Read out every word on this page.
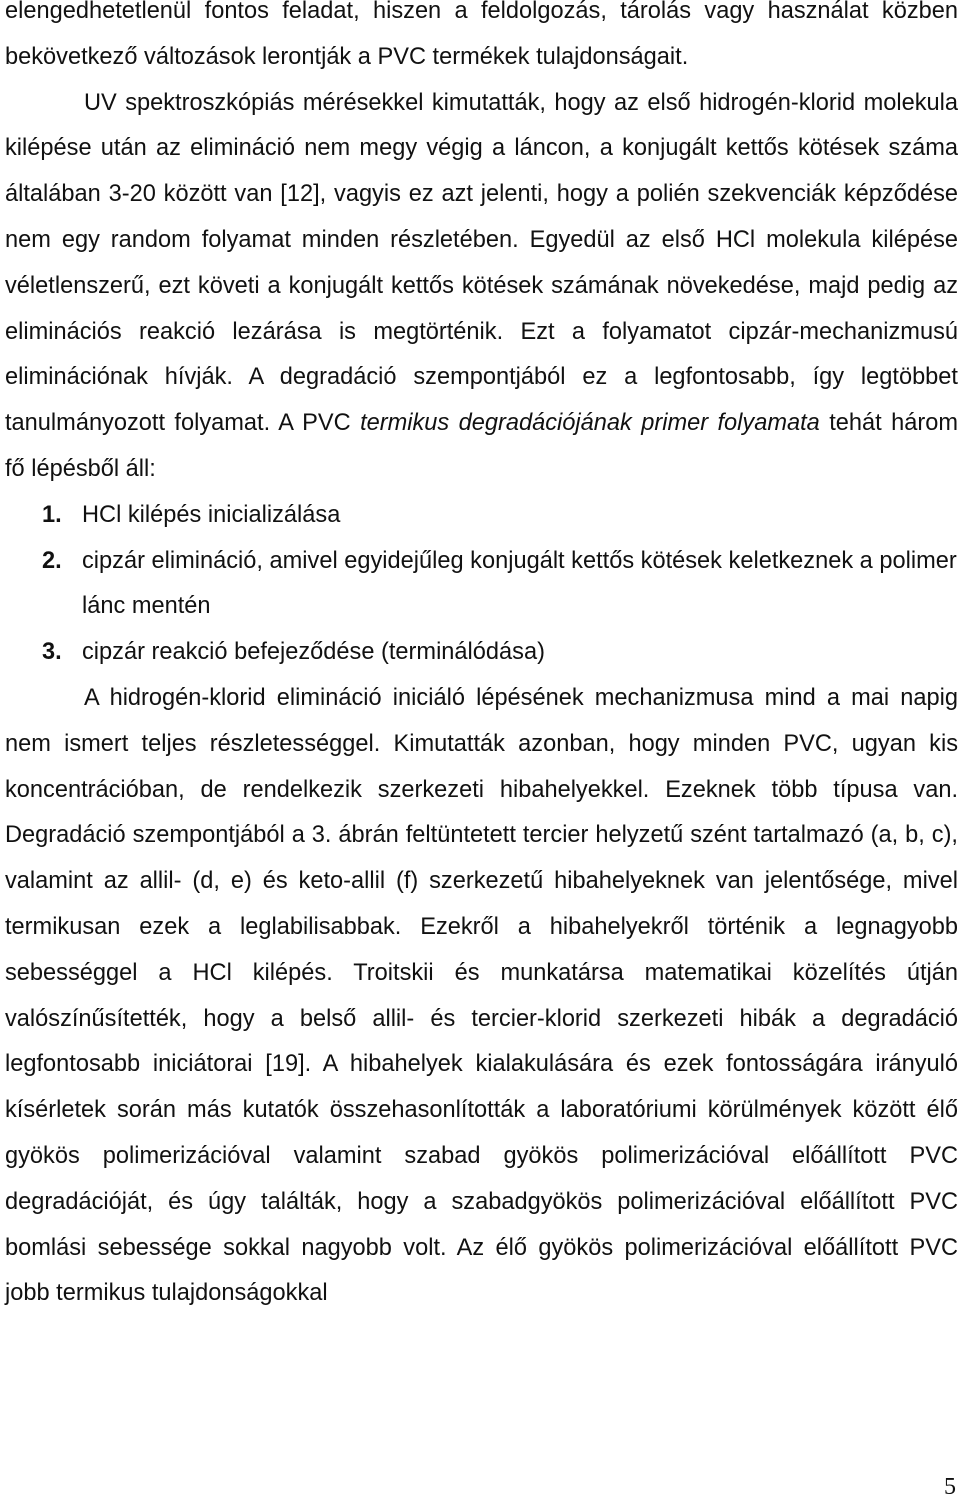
elengedhetetlenül fontos feladat, hiszen a feldolgozás, tárolás vagy használat közben bekövetkező változások lerontják a PVC termékek tulajdonságait.

UV spektroszkópiás mérésekkel kimutatták, hogy az első hidrogén-klorid molekula kilépése után az elimináció nem megy végig a láncon, a konjugált kettős kötések száma általában 3-20 között van [12], vagyis ez azt jelenti, hogy a polién szekvenciák képződése nem egy random folyamat minden részletében. Egyedül az első HCl molekula kilépése véletlenszerű, ezt követi a konjugált kettős kötések számának növekedése, majd pedig az eliminációs reakció lezárása is megtörténik. Ezt a folyamatot cipzár-mechanizmusú eliminációnak hívják. A degradáció szempontjából ez a legfontosabb, így legtöbbet tanulmányozott folyamat. A PVC termikus degradációjának primer folyamata tehát három fő lépésből áll:

1. HCl kilépés inicializálása
2. cipzár elimináció, amivel egyidejűleg konjugált kettős kötések keletkeznek a polimer lánc mentén
3. cipzár reakció befejeződése (terminálódása)

A hidrogén-klorid elimináció iniciáló lépésének mechanizmusa mind a mai napig nem ismert teljes részletességgel. Kimutatták azonban, hogy minden PVC, ugyan kis koncentrációban, de rendelkezik szerkezeti hibahelyekkel. Ezeknek több típusa van. Degradáció szempontjából a 3. ábrán feltüntetett tercier helyzetű szént tartalmazó (a, b, c), valamint az allil- (d, e) és keto-allil (f) szerkezetű hibahelyeknek van jelentősége, mivel termikusan ezek a leglabilisabbak. Ezekről a hibahelyekről történik a legnagyobb sebességgel a HCl kilépés. Troitskii és munkatársa matematikai közelítés útján valószínűsítették, hogy a belső allil- és tercier-klorid szerkezeti hibák a degradáció legfontosabb iniciátorai [19]. A hibahelyek kialakulására és ezek fontosságára irányuló kísérletek során más kutatók összehasonlították a laboratóriumi körülmények között élő gyökös polimerizációval valamint szabad gyökös polimerizációval előállított PVC degradációját, és úgy találták, hogy a szabadgyökös polimerizációval előállított PVC bomlási sebessége sokkal nagyobb volt. Az élő gyökös polimerizációval előállított PVC jobb termikus tulajdonságokkal

5
